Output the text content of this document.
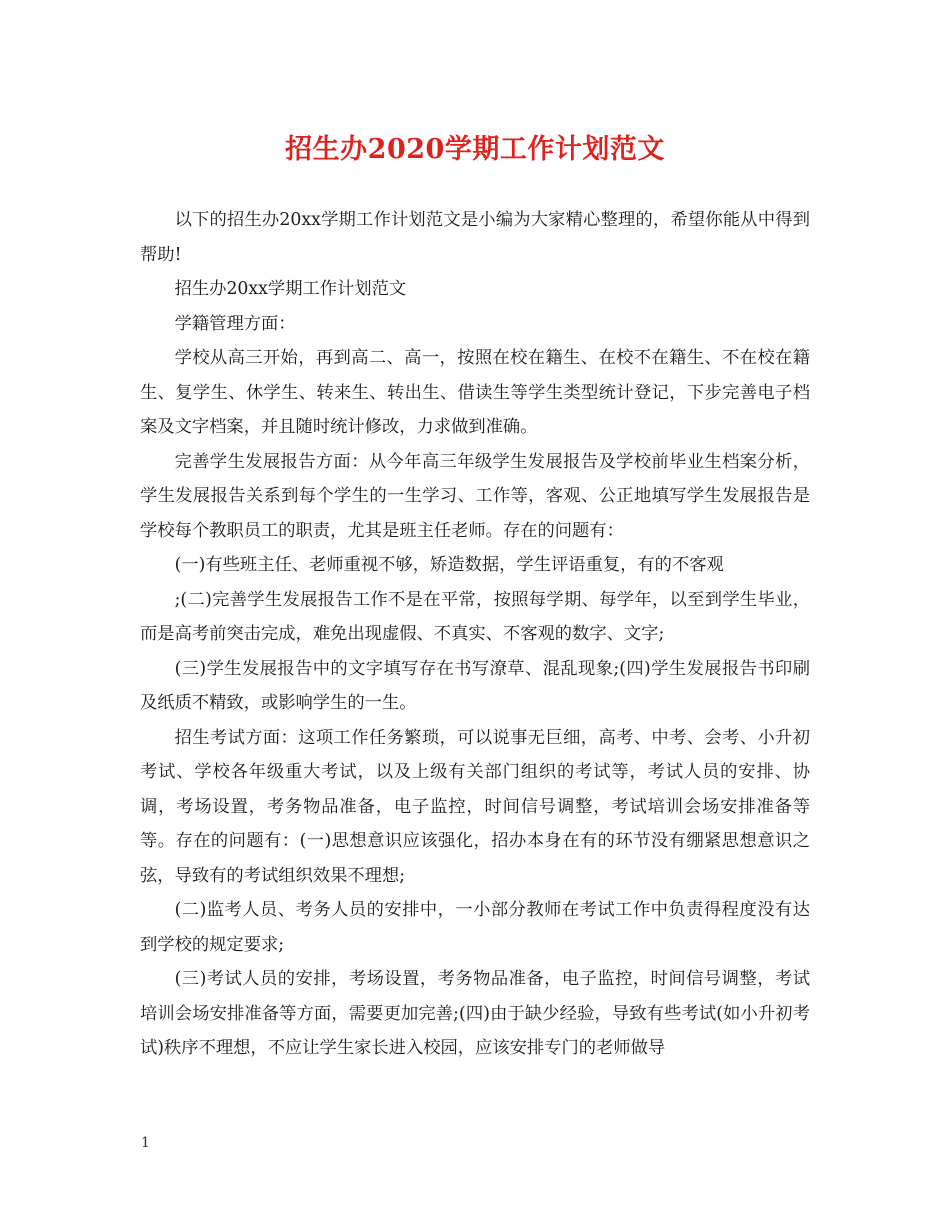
招生办2020学期工作计划范文

以下的招生办20xx学期工作计划范文是小编为大家精心整理的，希望你能从中得到帮助!

招生办20xx学期工作计划范文

学籍管理方面：

学校从高三开始，再到高二、高一，按照在校在籍生、在校不在籍生、不在校在籍生、复学生、休学生、转来生、转出生、借读生等学生类型统计登记，下步完善电子档案及文字档案，并且随时统计修改，力求做到准确。

完善学生发展报告方面：从今年高三年级学生发展报告及学校前毕业生档案分析，学生发展报告关系到每个学生的一生学习、工作等，客观、公正地填写学生发展报告是学校每个教职员工的职责，尤其是班主任老师。存在的问题有：

(一)有些班主任、老师重视不够，矫造数据，学生评语重复，有的不客观

;(二)完善学生发展报告工作不是在平常，按照每学期、每学年，以至到学生毕业，而是高考前突击完成，难免出现虚假、不真实、不客观的数字、文字;

(三)学生发展报告中的文字填写存在书写潦草、混乱现象;(四)学生发展报告书印刷及纸质不精致，或影响学生的一生。

招生考试方面：这项工作任务繁琐，可以说事无巨细，高考、中考、会考、小升初考试、学校各年级重大考试，以及上级有关部门组织的考试等，考试人员的安排、协调，考场设置，考务物品准备，电子监控，时间信号调整，考试培训会场安排准备等等。存在的问题有：(一)思想意识应该强化，招办本身在有的环节没有绷紧思想意识之弦，导致有的考试组织效果不理想;

(二)监考人员、考务人员的安排中，一小部分教师在考试工作中负责得程度没有达到学校的规定要求;

(三)考试人员的安排，考场设置，考务物品准备，电子监控，时间信号调整，考试培训会场安排准备等方面，需要更加完善;(四)由于缺少经验，导致有些考试(如小升初考试)秩序不理想，不应让学生家长进入校园，应该安排专门的老师做导

1
